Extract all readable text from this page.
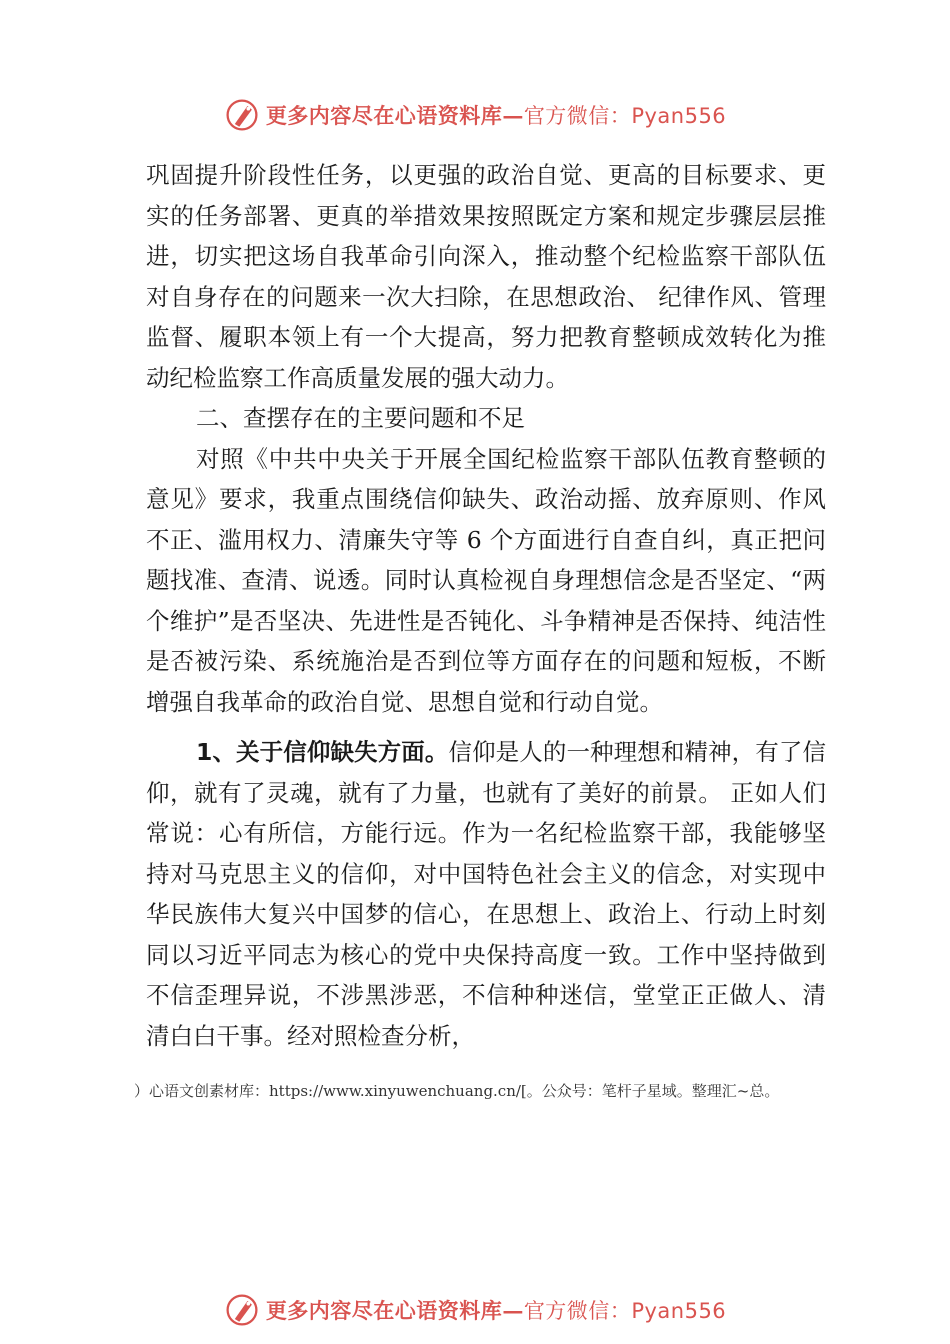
更多内容尽在心语资料库—官方微信：Pyan556

巩固提升阶段性任务，以更强的政治自觉、更高的目标要求、更实的任务部署、更真的举措效果按照既定方案和规定步骤层层推进，切实把这场自我革命引向深入，推动整个纪检监察干部队伍对自身存在的问题来一次大扫除，在思想政治、 纪律作风、管理监督、履职本领上有一个大提高，努力把教育整顿成效转化为推动纪检监察工作高质量发展的强大动力。

二、查摆存在的主要问题和不足

对照《中共中央关于开展全国纪检监察干部队伍教育整顿的意见》要求，我重点围绕信仰缺失、政治动摇、放弃原则、作风不正、滥用权力、清廉失守等 6 个方面进行自查自纠，真正把问题找准、查清、说透。同时认真检视自身理想信念是否坚定、“两个维护”是否坚决、先进性是否钝化、斗争精神是否保持、纯洁性是否被污染、系统施治是否到位等方面存在的问题和短板，不断增强自我革命的政治自觉、思想自觉和行动自觉。

1、关于信仰缺失方面。信仰是人的一种理想和精神，有了信仰，就有了灵魂，就有了力量，也就有了美好的前景。 正如人们常说：心有所信，方能行远。作为一名纪检监察干部，我能够坚持对马克思主义的信仰，对中国特色社会主义的信念，对实现中华民族伟大复兴中国梦的信心，在思想上、政治上、行动上时刻同以习近平同志为核心的党中央保持高度一致。工作中坚持做到不信歪理异说，不涉黑涉恶，不信种种迷信，堂堂正正做人、清清白白干事。经对照检查分析，

）心语文创素材库：https://www.xinyuwenchuang.cn/[。公众号：笔杆子星域。整理汇~总。
更多内容尽在心语资料库—官方微信：Pyan556
